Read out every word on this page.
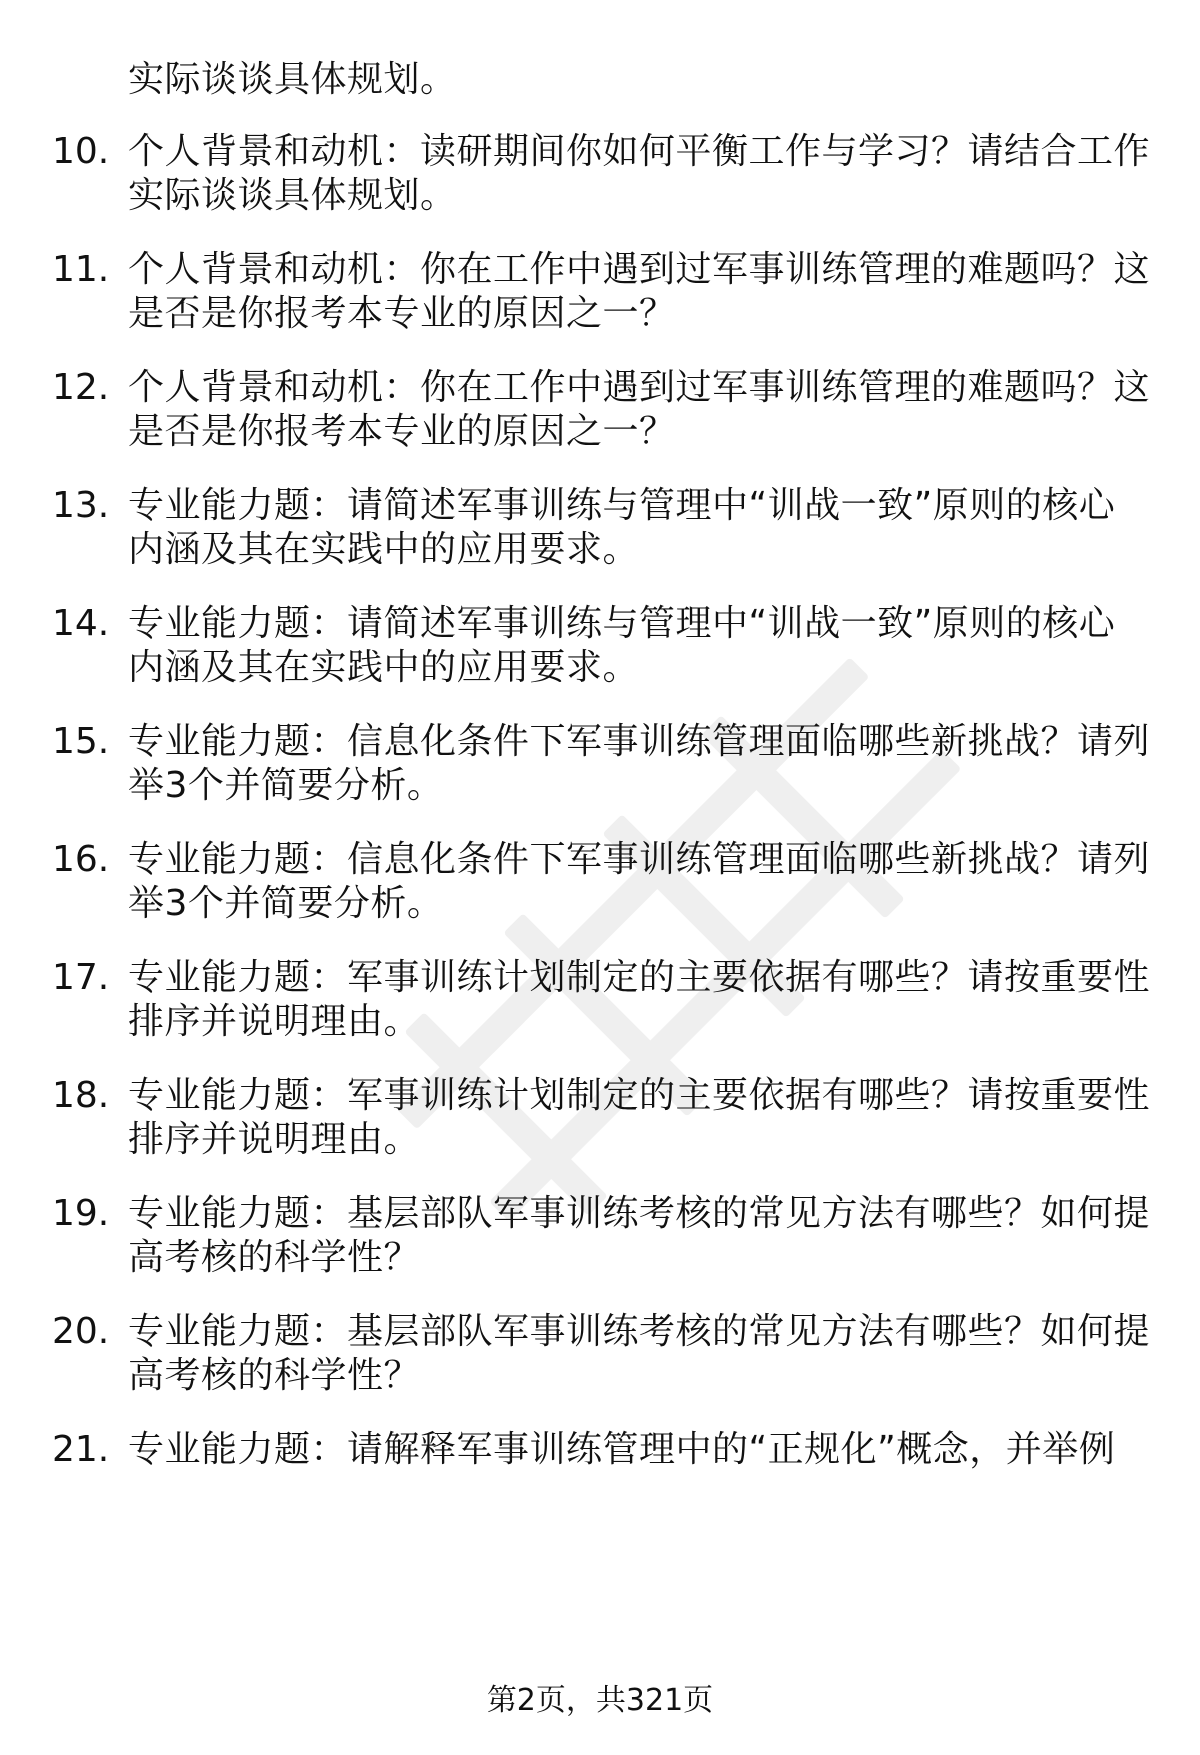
实际谈谈具体规划。
10. 个人背景和动机：读研期间你如何平衡工作与学习？请结合工作
实际谈谈具体规划。
11. 个人背景和动机：你在工作中遇到过军事训练管理的难题吗？这
是否是你报考本专业的原因之一？
12. 个人背景和动机：你在工作中遇到过军事训练管理的难题吗？这
是否是你报考本专业的原因之一？
13. 专业能力题：请简述军事训练与管理中“训战一致”原则的核心
内涵及其在实践中的应用要求。
14. 专业能力题：请简述军事训练与管理中“训战一致”原则的核心
内涵及其在实践中的应用要求。
15. 专业能力题：信息化条件下军事训练管理面临哪些新挑战？请列
举3个并简要分析。
16. 专业能力题：信息化条件下军事训练管理面临哪些新挑战？请列
举3个并简要分析。
17. 专业能力题：军事训练计划制定的主要依据有哪些？请按重要性
排序并说明理由。
18. 专业能力题：军事训练计划制定的主要依据有哪些？请按重要性
排序并说明理由。
19. 专业能力题：基层部队军事训练考核的常见方法有哪些？如何提
高考核的科学性？
20. 专业能力题：基层部队军事训练考核的常见方法有哪些？如何提
高考核的科学性？
21. 专业能力题：请解释军事训练管理中的“正规化”概念，并举例
第2页，共321页
